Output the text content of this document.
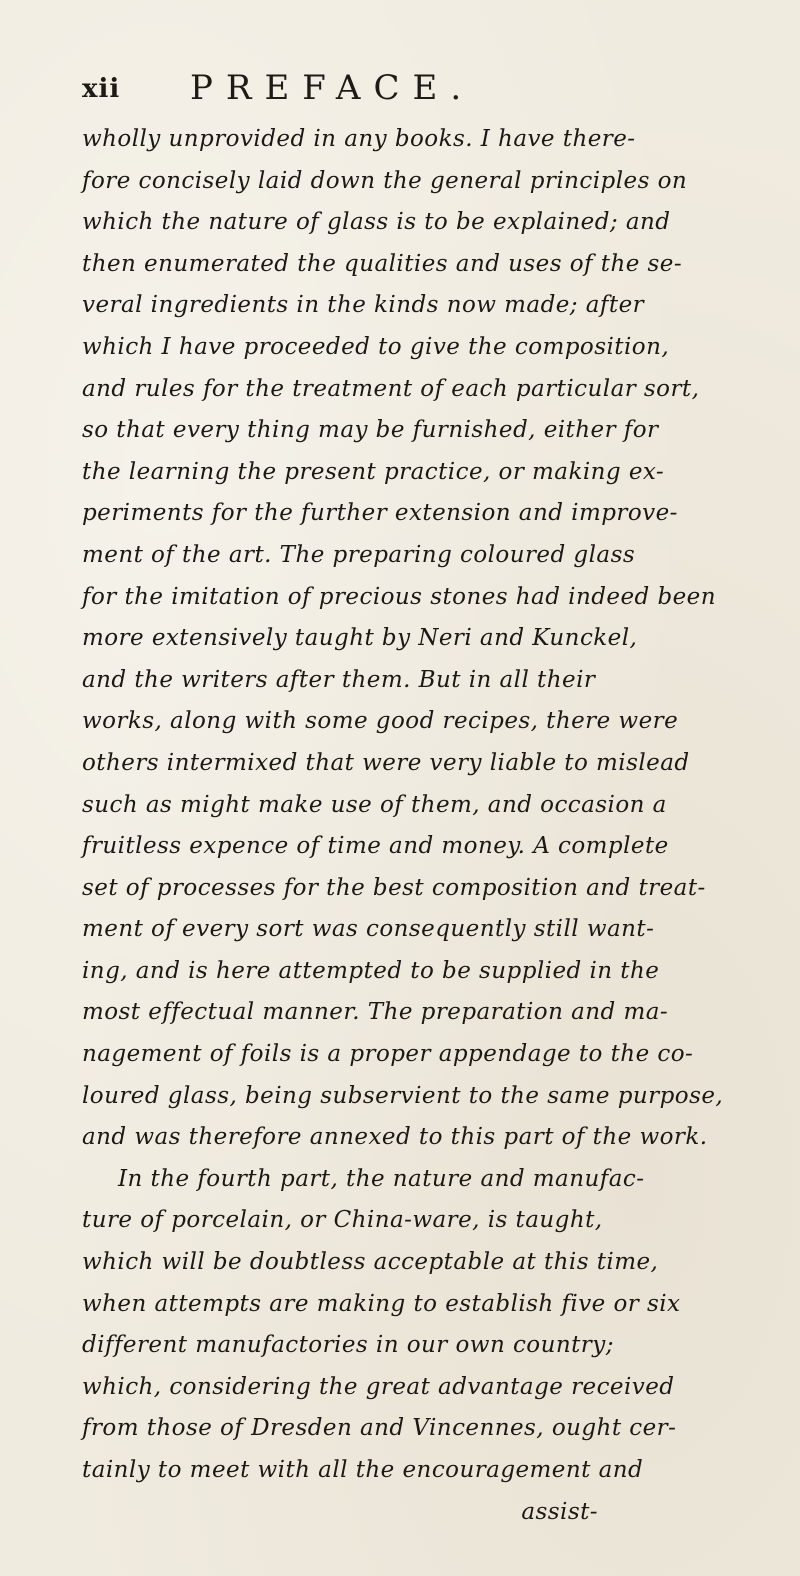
xii PREFACE.
wholly unprovided in any books. I have there-
fore concisely laid down the general principles on
which the nature of glass is to be explained; and
then enumerated the qualities and uses of the se-
veral ingredients in the kinds now made; after
which I have proceeded to give the composition,
and rules for the treatment of each particular sort,
so that every thing may be furnished, either for
the learning the present practice, or making ex-
periments for the further extension and improve-
ment of the art. The preparing coloured glass
for the imitation of precious stones had indeed been
more extensively taught by Neri and Kunckel,
and the writers after them. But in all their
works, along with some good recipes, there were
others intermixed that were very liable to mislead
such as might make use of them, and occasion a
fruitless expence of time and money. A complete
set of processes for the best composition and treat-
ment of every sort was consequently still want-
ing, and is here attempted to be supplied in the
most effectual manner. The preparation and ma-
nagement of foils is a proper appendage to the co-
loured glass, being subservient to the same purpose,
and was therefore annexed to this part of the work.
In the fourth part, the nature and manufac-
ture of porcelain, or China-ware, is taught,
which will be doubtless acceptable at this time,
when attempts are making to establish five or six
different manufactories in our own country;
which, considering the great advantage received
from those of Dresden and Vincennes, ought cer-
tainly to meet with all the encouragement and
assist-
